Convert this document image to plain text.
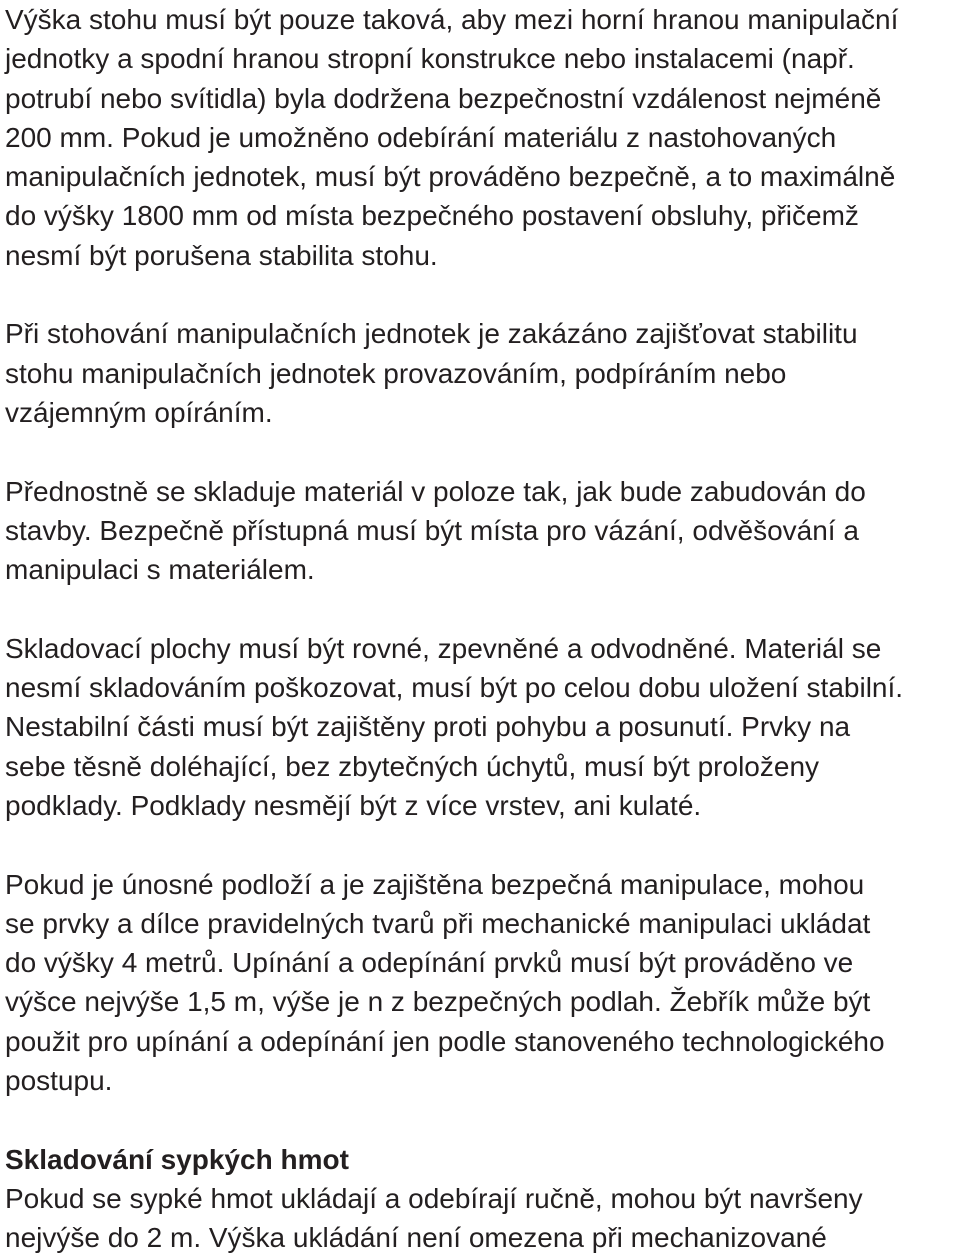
Výška stohu musí být pouze taková, aby mezi horní hranou manipulační
jednotky a spodní hranou stropní konstrukce nebo instalacemi (např.
potrubí nebo svítidla) byla dodržena bezpečnostní vzdálenost nejméně
200 mm. Pokud je umožněno odebírání materiálu z nastohovaných
manipulačních jednotek, musí být prováděno bezpečně, a to maximálně
do výšky 1800 mm od místa bezpečného postavení obsluhy, přičemž
nesmí být porušena stabilita stohu.
Při stohování manipulačních jednotek je zakázáno zajišťovat stabilitu
stohu manipulačních jednotek provazováním, podpíráním nebo
vzájemným opíráním.
Přednostně se skladuje materiál v poloze tak, jak bude zabudován do
stavby. Bezpečně přístupná musí být místa pro vázání, odvěšování a
manipulaci s materiálem.
Skladovací plochy musí být rovné, zpevněné a odvodněné. Materiál se
nesmí skladováním poškozovat, musí být po celou dobu uložení stabilní.
Nestabilní části musí být zajištěny proti pohybu a posunutí. Prvky na
sebe těsně doléhající, bez zbytečných úchytů, musí být proloženy
podklady. Podklady nesmějí být z více vrstev, ani kulaté.
Pokud je únosné podloží a je zajištěna bezpečná manipulace, mohou
se prvky a dílce pravidelných tvarů při mechanické manipulaci ukládat
do výšky 4 metrů. Upínání a odepínání prvků musí být prováděno ve
výšce nejvýše 1,5 m, výše je n z bezpečných podlah. Žebřík může být
použit pro upínání a odepínání jen podle stanoveného technologického
postupu.
Skladování sypkých hmot
Pokud se sypké hmot ukládají a odebírají ručně, mohou být navršeny
nejvýše do 2 m. Výška ukládání není omezena při mechanizované
